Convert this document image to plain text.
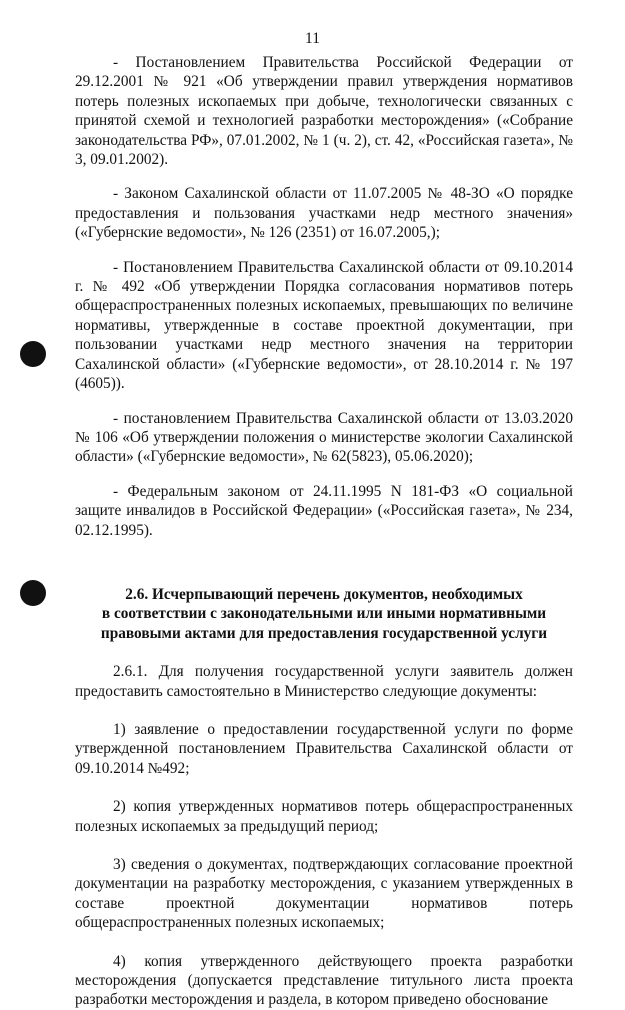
11

- Постановлением Правительства Российской Федерации от 29.12.2001 № 921 «Об утверждении правил утверждения нормативов потерь полезных ископаемых при добыче, технологически связанных с принятой схемой и технологией разработки месторождения» («Собрание законодательства РФ», 07.01.2002, № 1 (ч. 2), ст. 42, «Российская газета», № 3, 09.01.2002).

- Законом Сахалинской области от 11.07.2005 № 48-ЗО «О порядке предоставления и пользования участками недр местного значения» («Губернские ведомости», № 126 (2351) от 16.07.2005,);

- Постановлением Правительства Сахалинской области от 09.10.2014 г. № 492 «Об утверждении Порядка согласования нормативов потерь общераспространенных полезных ископаемых, превышающих по величине нормативы, утвержденные в составе проектной документации, при пользовании участками недр местного значения на территории Сахалинской области» («Губернские ведомости», от 28.10.2014 г. № 197 (4605)).

- постановлением Правительства Сахалинской области от 13.03.2020 № 106 «Об утверждении положения о министерстве экологии Сахалинской области» («Губернские ведомости», № 62(5823), 05.06.2020);

- Федеральным законом от 24.11.1995 N 181-ФЗ «О социальной защите инвалидов в Российской Федерации» («Российская газета», № 234, 02.12.1995).

2.6. Исчерпывающий перечень документов, необходимых
в соответствии с законодательными или иными нормативными
правовыми актами для предоставления государственной услуги

2.6.1. Для получения государственной услуги заявитель должен предоставить самостоятельно в Министерство следующие документы:

1) заявление о предоставлении государственной услуги по форме утвержденной постановлением Правительства Сахалинской области от 09.10.2014 №492;

2) копия утвержденных нормативов потерь общераспространенных полезных ископаемых за предыдущий период;

3) сведения о документах, подтверждающих согласование проектной документации на разработку месторождения, с указанием утвержденных в составе проектной документации нормативов потерь общераспространенных полезных ископаемых;

4) копия утвержденного действующего проекта разработки месторождения (допускается представление титульного листа проекта разработки месторождения и раздела, в котором приведено обоснование
